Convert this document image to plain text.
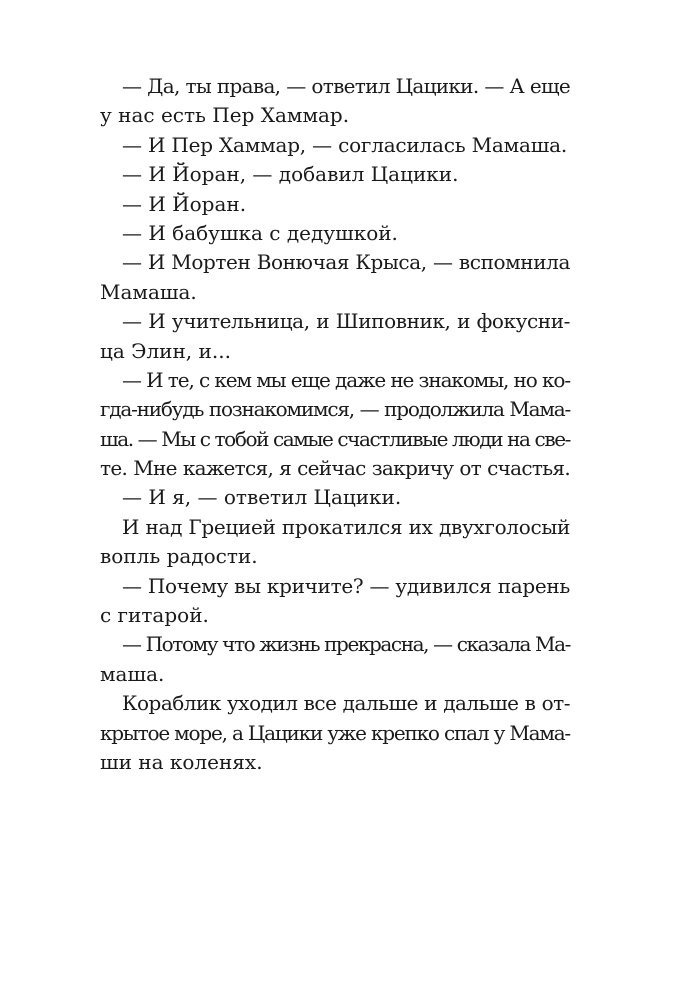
— Да, ты права, — ответил Цацики. — А еще
у нас есть Пер Хаммар.
— И Пер Хаммар, — согласилась Мамаша.
— И Йоран, — добавил Цацики.
— И Йоран.
— И бабушка с дедушкой.
— И Мортен Вонючая Крыса, — вспомнила
Мамаша.
— И учительница, и Шиповник, и фокусни-
ца Элин, и...
— И те, с кем мы еще даже не знакомы, но ко-
гда-нибудь познакомимся, — продолжила Мама-
ша. — Мы с тобой самые счастливые люди на све-
те. Мне кажется, я сейчас закричу от счастья.
— И я, — ответил Цацики.
И над Грецией прокатился их двухголосый
вопль радости.
— Почему вы кричите? — удивился парень
с гитарой.
— Потому что жизнь прекрасна, — сказала Ма-
маша.
Кораблик уходил все дальше и дальше в от-
крытое море, а Цацики уже крепко спал у Мама-
ши на коленях.
